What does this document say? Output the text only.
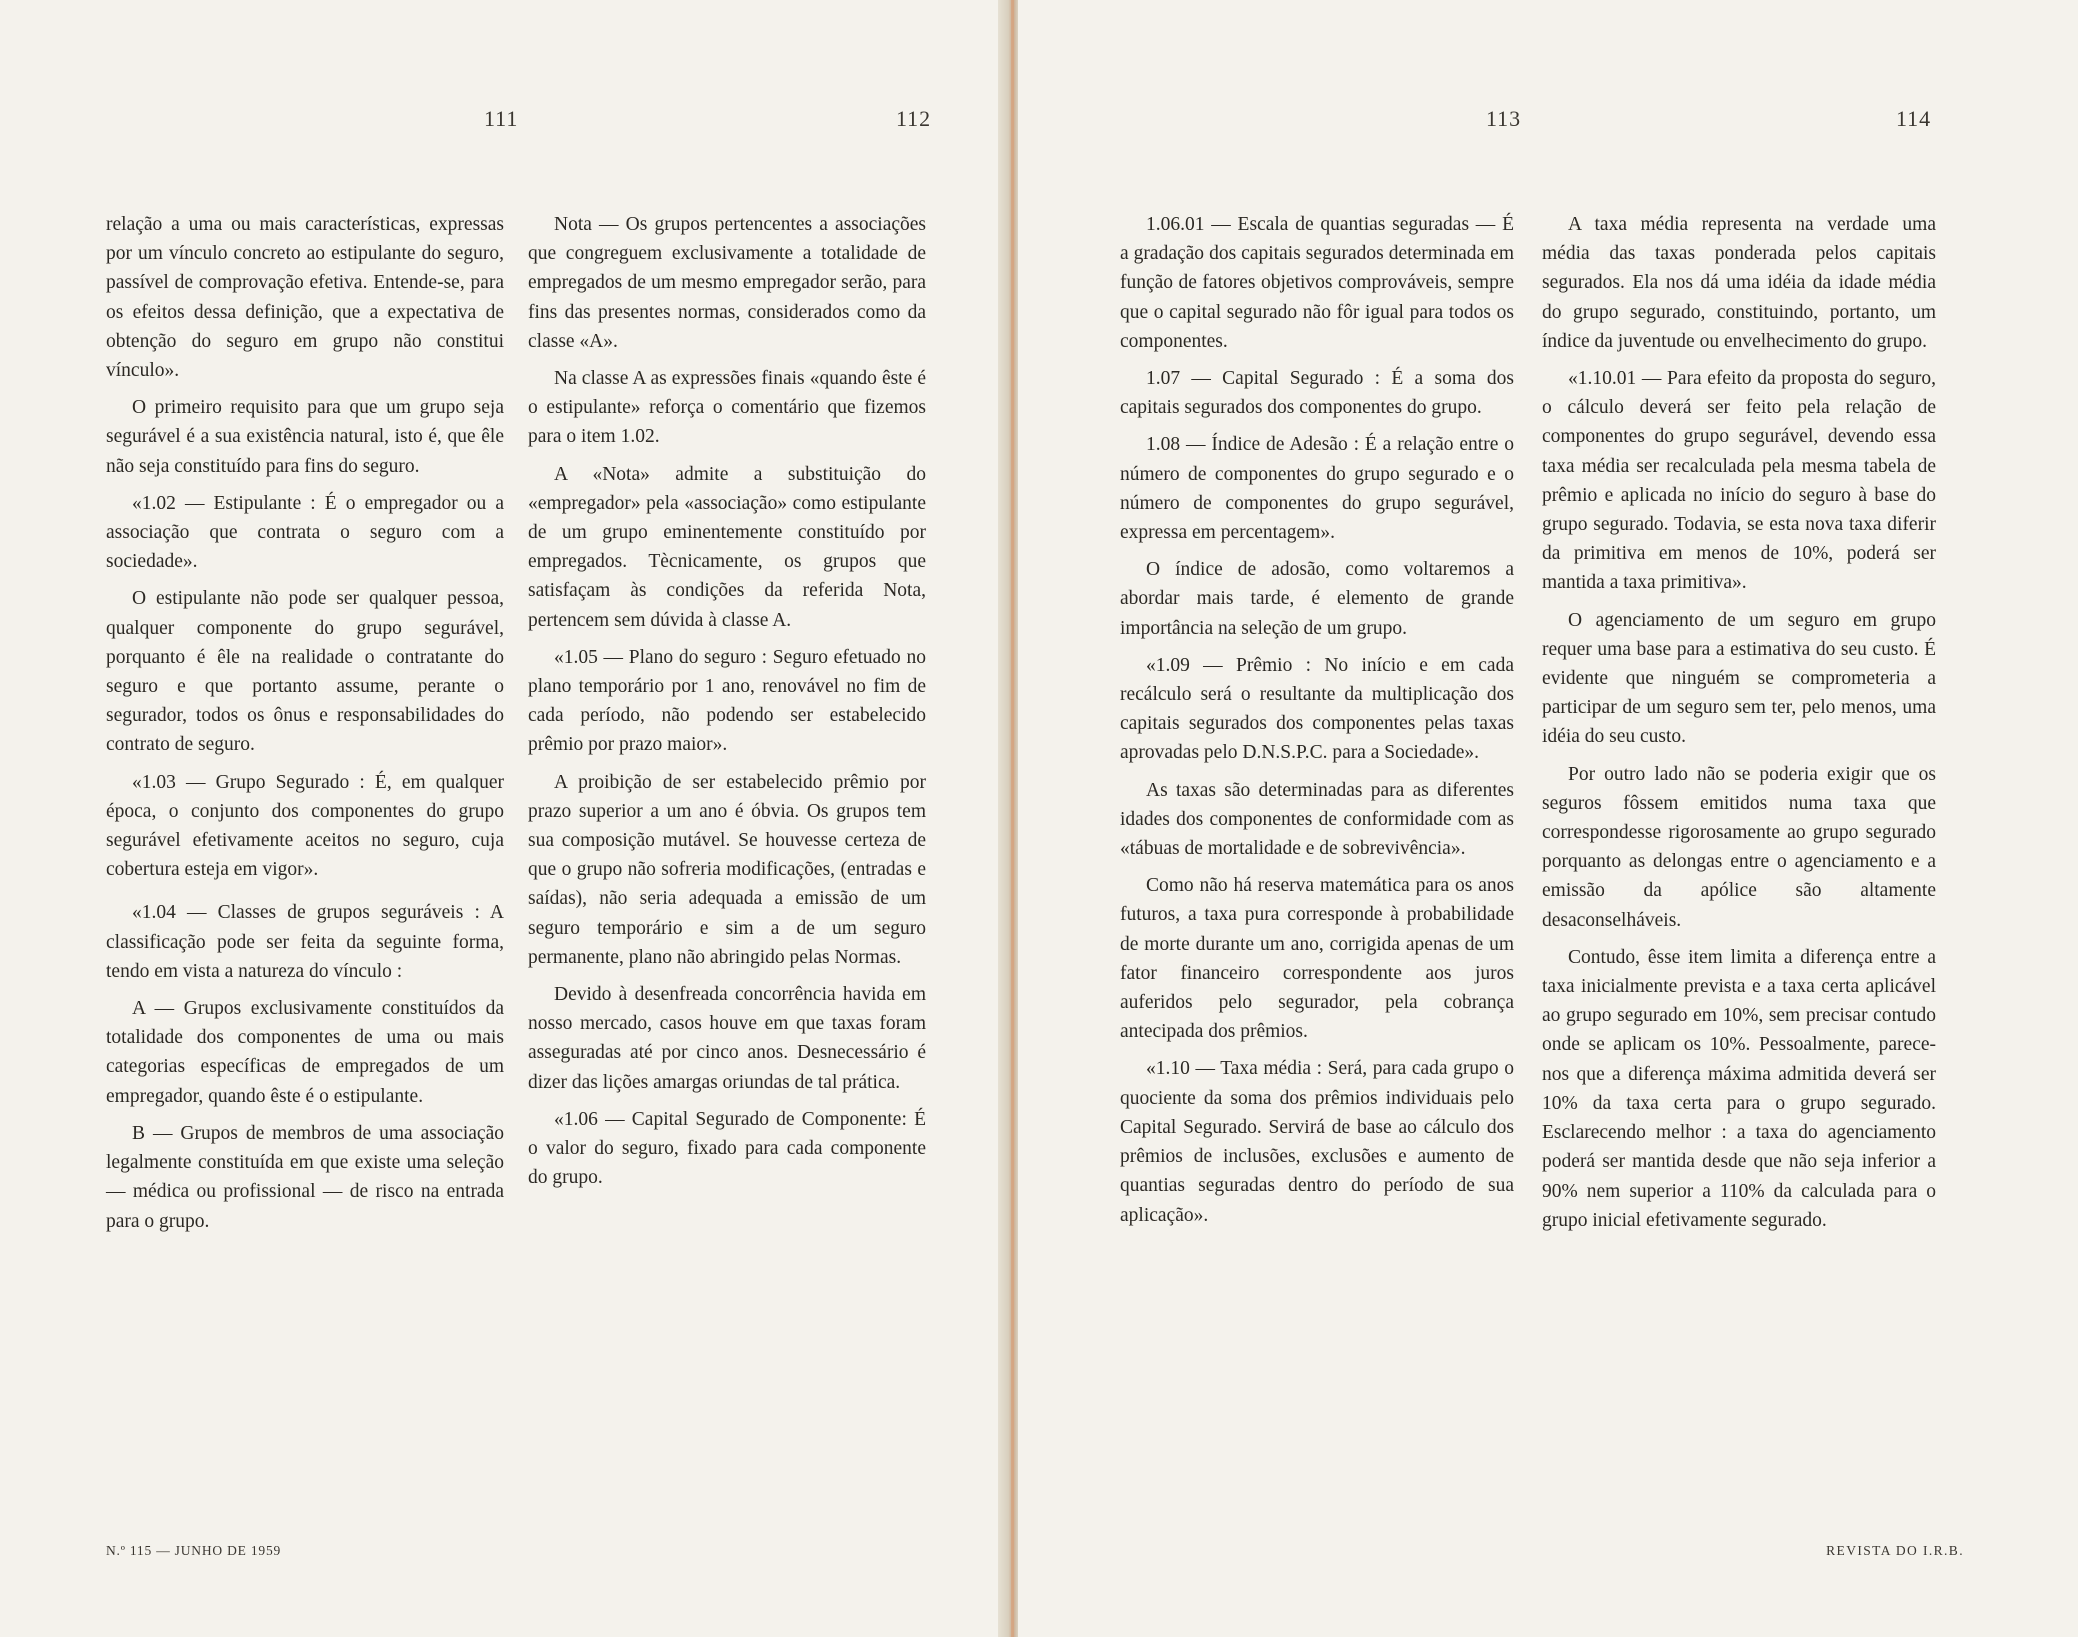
111	112

relação a uma ou mais características, expressas por um vínculo concreto ao estipulante do seguro, passível de comprovação efetiva. Entende-se, para os efeitos dessa definição, que a expectativa de obtenção do seguro em grupo não constitui vínculo».

O primeiro requisito para que um grupo seja segurável é a sua existência natural, isto é, que êle não seja constituído para fins do seguro.

«1.02 — Estipulante : É o empregador ou a associação que contrata o seguro com a sociedade».

O estipulante não pode ser qualquer pessoa, qualquer componente do grupo segurável, porquanto é êle na realidade o contratante do seguro e que portanto assume, perante o segurador, todos os ônus e responsabilidades do contrato de seguro.

«1.03 — Grupo Segurado : É, em qualquer época, o conjunto dos componentes do grupo segurável efetivamente aceitos no seguro, cuja cobertura esteja em vigor».

«1.04 — Classes de grupos seguráveis : A classificação pode ser feita da seguinte forma, tendo em vista a natureza do vínculo :

A — Grupos exclusivamente constituídos da totalidade dos componentes de uma ou mais categorias específicas de empregados de um empregador, quando êste é o estipulante.

B — Grupos de membros de uma associação legalmente constituída em que existe uma seleção — médica ou profissional — de risco na entrada para o grupo.

Nota — Os grupos pertencentes a associações que congreguem exclusivamente a totalidade de empregados de um mesmo empregador serão, para fins das presentes normas, considerados como da classe «A».

Na classe A as expressões finais «quando êste é o estipulante» reforça o comentário que fizemos para o item 1.02.

A «Nota» admite a substituição do «empregador» pela «associação» como estipulante de um grupo eminentemente constituído por empregados. Tècnicamente, os grupos que satisfaçam às condições da referida Nota, pertencem sem dúvida à classe A.

«1.05 — Plano do seguro : Seguro efetuado no plano temporário por 1 ano, renovável no fim de cada período, não podendo ser estabelecido prêmio por prazo maior».

A proibição de ser estabelecido prêmio por prazo superior a um ano é óbvia. Os grupos tem sua composição mutável. Se houvesse certeza de que o grupo não sofreria modificações, (entradas e saídas), não seria adequada a emissão de um seguro temporário e sim a de um seguro permanente, plano não abringido pelas Normas.

Devido à desenfreada concorrência havida em nosso mercado, casos houve em que taxas foram asseguradas até por cinco anos. Desnecessário é dizer das lições amargas oriundas de tal prática.

«1.06 — Capital Segurado de Componente: É o valor do seguro, fixado para cada componente do grupo.

N.º 115 — JUNHO DE 1959
113	114

1.06.01 — Escala de quantias seguradas — É a gradação dos capitais segurados determinada em função de fatores objetivos comprováveis, sempre que o capital segurado não fôr igual para todos os componentes.

1.07 — Capital Segurado : É a soma dos capitais segurados dos componentes do grupo.

1.08 — Índice de Adesão : É a relação entre o número de componentes do grupo segurado e o número de componentes do grupo segurável, expressa em percentagem».

O índice de adosão, como voltaremos a abordar mais tarde, é elemento de grande importância na seleção de um grupo.

«1.09 — Prêmio : No início e em cada recálculo será o resultante da multiplicação dos capitais segurados dos componentes pelas taxas aprovadas pelo D.N.S.P.C. para a Sociedade».

As taxas são determinadas para as diferentes idades dos componentes de conformidade com as «tábuas de mortalidade e de sobrevivência».

Como não há reserva matemática para os anos futuros, a taxa pura corresponde à probabilidade de morte durante um ano, corrigida apenas de um fator financeiro correspondente aos juros auferidos pelo segurador, pela cobrança antecipada dos prêmios.

«1.10 — Taxa média : Será, para cada grupo o quociente da soma dos prêmios individuais pelo Capital Segurado. Servirá de base ao cálculo dos prêmios de inclusões, exclusões e aumento de quantias seguradas dentro do período de sua aplicação».

A taxa média representa na verdade uma média das taxas ponderada pelos capitais segurados. Ela nos dá uma idéia da idade média do grupo segurado, constituindo, portanto, um índice da juventude ou envelhecimento do grupo.

«1.10.01 — Para efeito da proposta do seguro, o cálculo deverá ser feito pela relação de componentes do grupo segurável, devendo essa taxa média ser recalculada pela mesma tabela de prêmio e aplicada no início do seguro à base do grupo segurado. Todavia, se esta nova taxa diferir da primitiva em menos de 10%, poderá ser mantida a taxa primitiva».

O agenciamento de um seguro em grupo requer uma base para a estimativa do seu custo. É evidente que ninguém se comprometeria a participar de um seguro sem ter, pelo menos, uma idéia do seu custo.

Por outro lado não se poderia exigir que os seguros fôssem emitidos numa taxa que correspondesse rigorosamente ao grupo segurado porquanto as delongas entre o agenciamento e a emissão da apólice são altamente desaconselháveis.

Contudo, êsse item limita a diferença entre a taxa inicialmente prevista e a taxa certa aplicável ao grupo segurado em 10%, sem precisar contudo onde se aplicam os 10%. Pessoalmente, parece-nos que a diferença máxima admitida deverá ser 10% da taxa certa para o grupo segurado. Esclarecendo melhor : a taxa do agenciamento poderá ser mantida desde que não seja inferior a 90% nem superior a 110% da calculada para o grupo inicial efetivamente segurado.

REVISTA DO I.R.B.
